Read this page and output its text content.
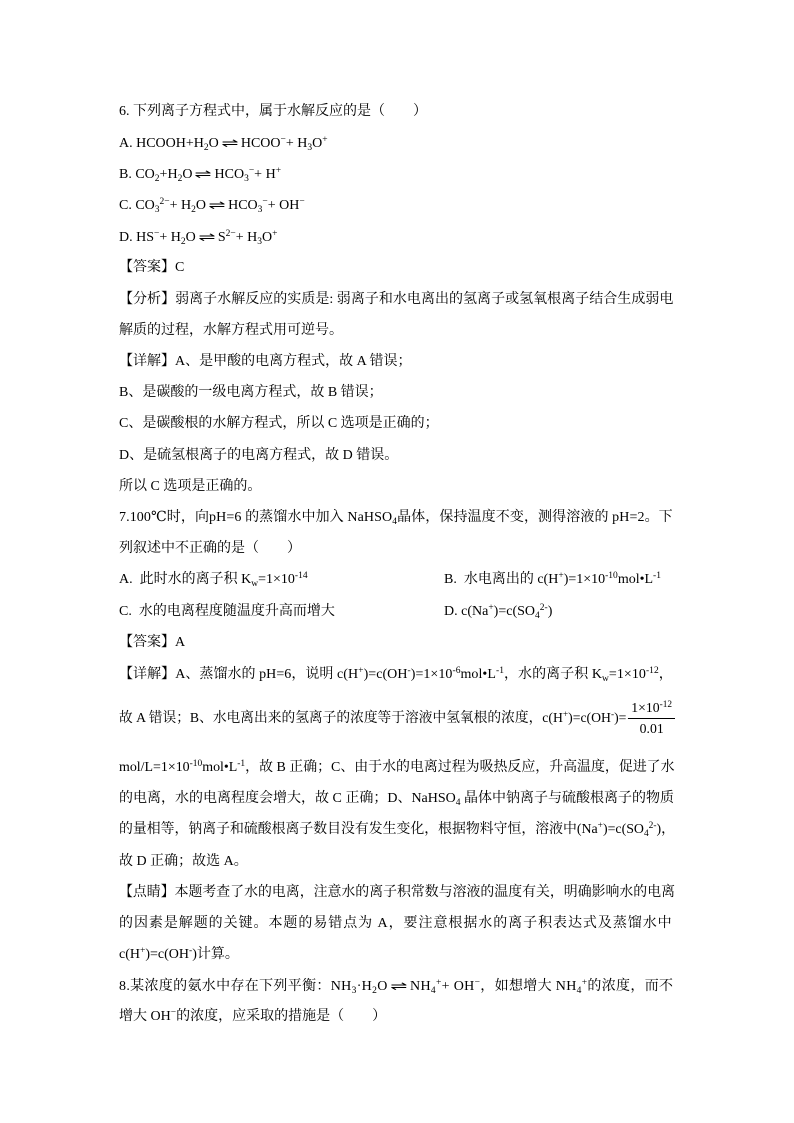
6. 下列离子方程式中，属于水解反应的是（　　）
A. $HCOOH+H_2O$ ⇌ HCOO−+ $H_3O^+$
B. $CO_2+H_2O$ ⇌ $HCO_3^-+ H^+$
C. $CO_3^{2-}+ H_2O$ ⇌ $HCO_3^-+ OH^-$
D. $HS^-+ H_2O$ ⇌ $S^{2-}+ H_3O^+$
【答案】C
【分析】弱离子水解反应的实质是: 弱离子和水电离出的氢离子或氢氧根离子结合生成弱电
解质的过程，水解方程式用可逆号。
【详解】A、是甲酸的电离方程式，故 A 错误；
B、是碳酸的一级电离方程式，故 B 错误；
C、是碳酸根的水解方程式，所以 C 选项是正确的；
D、是硫氢根离子的电离方程式，故 D 错误。
所以 C 选项是正确的。
7.100℃时，向pH=6 的蒸馏水中加入 NaHSO$_4$晶体，保持温度不变，测得溶液的 pH=2。下
列叙述中不正确的是（　　）
A.  此时水的离子积 $K_w=1\times 10^{-14}$	B.  水电离出的 $c(H^+)=1\times 10^{-10}mol•L^{-1}$
C.  水的电离程度随温度升高而增大	D. $c(Na^+)=c(SO_4^{2-})$
【答案】A
【详解】A、蒸馏水的 pH=6，说明 $c(H^+)=c(OH^-)=1\times 10^{-6}mol•L^{-1}$，水的离子积 $K_w=1\times 10^{-12}$，
故 A 错误；B、水电离出来的氢离子的浓度等于溶液中氢氧根的浓度，$c(H^+)=c(OH^-)= \frac{1\times 10^{-12}}{0.01}$
mol/$L=1\times 10^{-10}mol•L^{-1}$，故 B 正确；C、由于水的电离过程为吸热反应，升高温度，促进了水
的电离，水的电离程度会增大，故 C 正确；D、NaHSO$_4$ 晶体中钠离子与硫酸根离子的物质
的量相等，钠离子和硫酸根离子数目没有发生变化，根据物料守恒，溶液中$(Na^+)=c(SO_4^{2-})$，
故 D 正确；故选 A。
【点睛】本题考查了水的电离，注意水的离子积常数与溶液的温度有关，明确影响水的电离
的因素是解题的关键。本题的易错点为 A，要注意根据水的离子积表达式及蒸馏水中
c(H+)=c(OH-)计算。
8.某浓度的氨水中存在下列平衡：$NH_3\cdot H_2O$ ⇌ $NH_4^++ OH^-$，如想增大 $NH_4^+$的浓度，而不
增大 OH−的浓度，应采取的措施是（　　）
